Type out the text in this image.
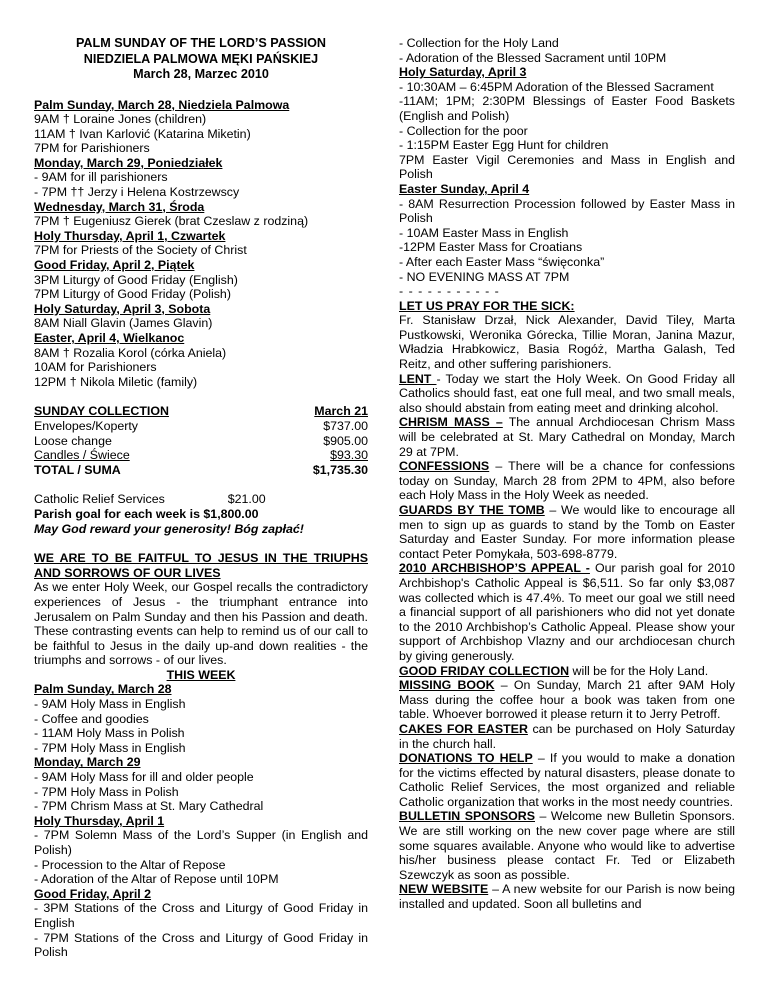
PALM SUNDAY OF THE LORD’S PASSION
NIEDZIELA PALMOWA MĘKI PAŃSKIEJ
March 28, Marzec 2010
Palm Sunday, March 28, Niedziela Palmowa
9AM † Loraine Jones (children)
11AM † Ivan Karlović (Katarina Miketin)
7PM for Parishioners
Monday, March 29, Poniedziałek
- 9AM for ill parishioners
- 7PM †† Jerzy i Helena Kostrzewscy
Wednesday, March 31, Środa
7PM † Eugeniusz Gierek (brat Czeslaw z rodziną)
Holy Thursday, April 1, Czwartek
7PM for Priests of the Society of Christ
Good Friday, April 2, Piątek
3PM Liturgy of Good Friday (English)
7PM Liturgy of Good Friday (Polish)
Holy Saturday, April 3, Sobota
8AM Niall Glavin (James Glavin)
Easter, April 4, Wielkanoc
8AM † Rozalia Korol (córka Aniela)
10AM for Parishioners
12PM † Nikola Miletic (family)
SUNDAY COLLECTION	March 21
Envelopes/Koperty	$737.00
Loose change	$905.00
Candles / Świece	$93.30
TOTAL / SUMA	$1,735.30
Catholic Relief Services	$21.00
Parish goal for each week is $1,800.00
May God reward your generosity! Bóg zapłać!
WE ARE TO BE FAITFUL TO JESUS IN THE TRIUPHS AND SORROWS OF OUR LIVES
As we enter Holy Week, our Gospel recalls the contradictory experiences of Jesus - the triumphant entrance into Jerusalem on Palm Sunday and then his Passion and death. These contrasting events can help to remind us of our call to be faithful to Jesus in the daily up-and down realities - the triumphs and sorrows - of our lives.
THIS WEEK
Palm Sunday, March 28
- 9AM Holy Mass in English
- Coffee and goodies
- 11AM Holy Mass in Polish
- 7PM Holy Mass in English
Monday, March 29
- 9AM Holy Mass for ill and older people
- 7PM Holy Mass in Polish
- 7PM Chrism Mass at St. Mary Cathedral
Holy Thursday, April 1
- 7PM Solemn Mass of the Lord’s Supper (in English and Polish)
- Procession to the Altar of Repose
- Adoration of the Altar of Repose until 10PM
Good Friday, April 2
- 3PM Stations of the Cross and Liturgy of Good Friday in English
- 7PM Stations of the Cross and Liturgy of Good Friday in Polish
- Collection for the Holy Land
- Adoration of the Blessed Sacrament until 10PM
Holy Saturday, April 3
- 10:30AM – 6:45PM Adoration of the Blessed Sacrament
-11AM; 1PM; 2:30PM Blessings of Easter Food Baskets (English and Polish)
- Collection for the poor
- 1:15PM Easter Egg Hunt for children
7PM Easter Vigil Ceremonies and Mass in English and Polish
Easter Sunday, April 4
- 8AM Resurrection Procession followed by Easter Mass in Polish
- 10AM Easter Mass in English
-12PM Easter Mass for Croatians
- After each Easter Mass “święconka”
- NO EVENING MASS AT 7PM
- - - - - - - - - - -
LET US PRAY FOR THE SICK:
Fr. Stanisław Drzał, Nick Alexander, David Tiley, Marta Pustkowski, Weronika Górecka, Tillie Moran, Janina Mazur, Władzia Hrabkowicz, Basia Rogóż, Martha Galash, Ted Reitz, and other suffering parishioners.
LENT - Today we start the Holy Week. On Good Friday all Catholics should fast, eat one full meal, and two small meals, also should abstain from eating meet and drinking alcohol.
CHRISM MASS – The annual Archdiocesan Chrism Mass will be celebrated at St. Mary Cathedral on Monday, March 29 at 7PM.
CONFESSIONS – There will be a chance for confessions today on Sunday, March 28 from 2PM to 4PM, also before each Holy Mass in the Holy Week as needed.
GUARDS BY THE TOMB – We would like to encourage all men to sign up as guards to stand by the Tomb on Easter Saturday and Easter Sunday. For more information please contact Peter Pomykała, 503-698-8779.
2010 ARCHBISHOP’S APPEAL - Our parish goal for 2010 Archbishop's Catholic Appeal is $6,511. So far only $3,087 was collected which is 47.4%. To meet our goal we still need a financial support of all parishioners who did not yet donate to the 2010 Archbishop’s Catholic Appeal. Please show your support of Archbishop Vlazny and our archdiocesan church by giving generously.
GOOD FRIDAY COLLECTION will be for the Holy Land.
MISSING BOOK – On Sunday, March 21 after 9AM Holy Mass during the coffee hour a book was taken from one table. Whoever borrowed it please return it to Jerry Petroff.
CAKES FOR EASTER can be purchased on Holy Saturday in the church hall.
DONATIONS TO HELP – If you would to make a donation for the victims effected by natural disasters, please donate to Catholic Relief Services, the most organized and reliable Catholic organization that works in the most needy countries.
BULLETIN SPONSORS – Welcome new Bulletin Sponsors. We are still working on the new cover page where are still some squares available. Anyone who would like to advertise his/her business please contact Fr. Ted or Elizabeth Szewczyk as soon as possible.
NEW WEBSITE – A new website for our Parish is now being installed and updated. Soon all bulletins and
